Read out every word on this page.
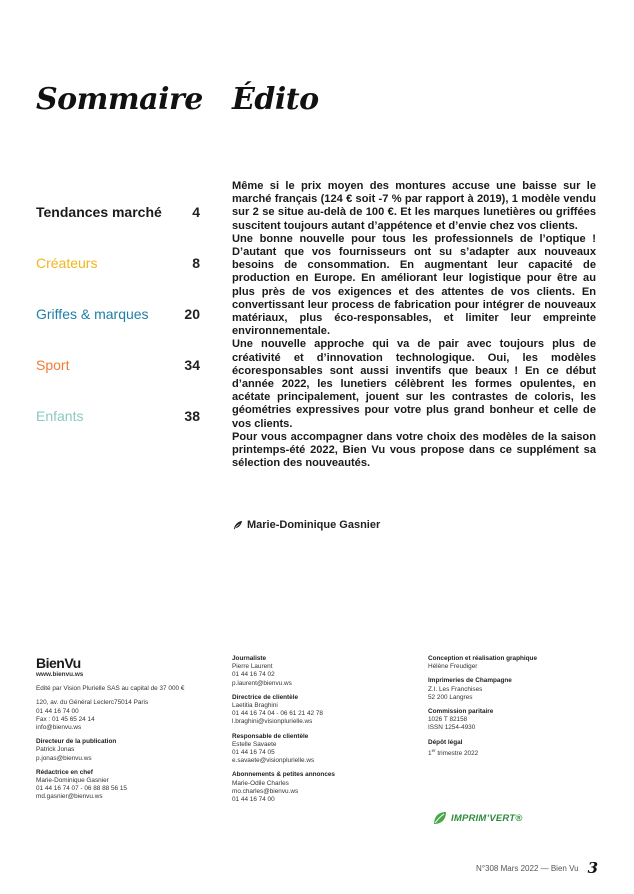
Sommaire Édito
Tendances marché 4
Créateurs	8
Griffes & marques	20
Sport	34
Enfants	38

Même si le prix moyen des montures accuse une baisse sur le marché français (124 € soit -7 % par rapport à 2019), 1 modèle vendu sur 2 se situe au-delà de 100 €. Et les marques lunetières ou griffées suscitent toujours autant d’appétence et d’envie chez vos clients.

Une bonne nouvelle pour tous les professionnels de l’optique ! D’autant que vos fournisseurs ont su s’adapter aux nouveaux besoins de consommation. En augmentant leur capacité de production en Europe. En améliorant leur logistique pour être au plus près de vos exigences et des attentes de vos clients. En convertissant leur process de fabrication pour intégrer de nouveaux matériaux, plus éco-responsables, et limiter leur empreinte environnementale.

Une nouvelle approche qui va de pair avec toujours plus de créativité et d’innovation technologique. Oui, les modèles écoresponsables sont aussi inventifs que beaux ! En ce début d’année 2022, les lunetiers célèbrent les formes opulentes, en acétate principalement, jouent sur les contrastes de coloris, les géométries expressives pour votre plus grand bonheur et celle de vos clients.

Pour vous accompagner dans votre choix des modèles de la saison printemps-été 2022, Bien Vu vous propose dans ce supplément sa sélection des nouveautés.

Marie-Dominique Gasnier
BienVu
www.bienvu.ws
Edité par Vision Plurielle SAS au capital de 37 000 €
120, av. du Général Leclerc75014 Paris
01 44 16 74 00
Fax : 01 45 65 24 14
info@bienvu.ws
Directeur de la publication
Patrick Jonas
p.jonas@bienvu.ws
Rédactrice en chef
Marie-Dominique Gasnier
01 44 16 74 07 - 06 88 88 56 15
md.gasnier@bienvu.ws
Journaliste
Pierre Laurent
01 44 16 74 02
p.laurent@bienvu.ws
Directrice de clientèle
Laetitia Braghini
01 44 16 74 04 - 06 61 21 42 78
l.braghini@visionplurielle.ws
Responsable de clientèle
Estelle Savaete
01 44 16 74 05
e.savaete@visionplurielle.ws
Abonnements & petites annonces
Marie-Odile Charles
mo.charles@bienvu.ws
01 44 16 74 00
Conception et réalisation graphique
Hélène Freudiger
Imprimeries de Champagne
Z.I. Les Franchises
52 200 Langres
Commission paritaire
1026 T 82158
ISSN 1254-4930
Dépôt légal
1er trimestre 2022
IMPRIM’VERT®
N°308 Mars 2022 — Bien Vu 3
